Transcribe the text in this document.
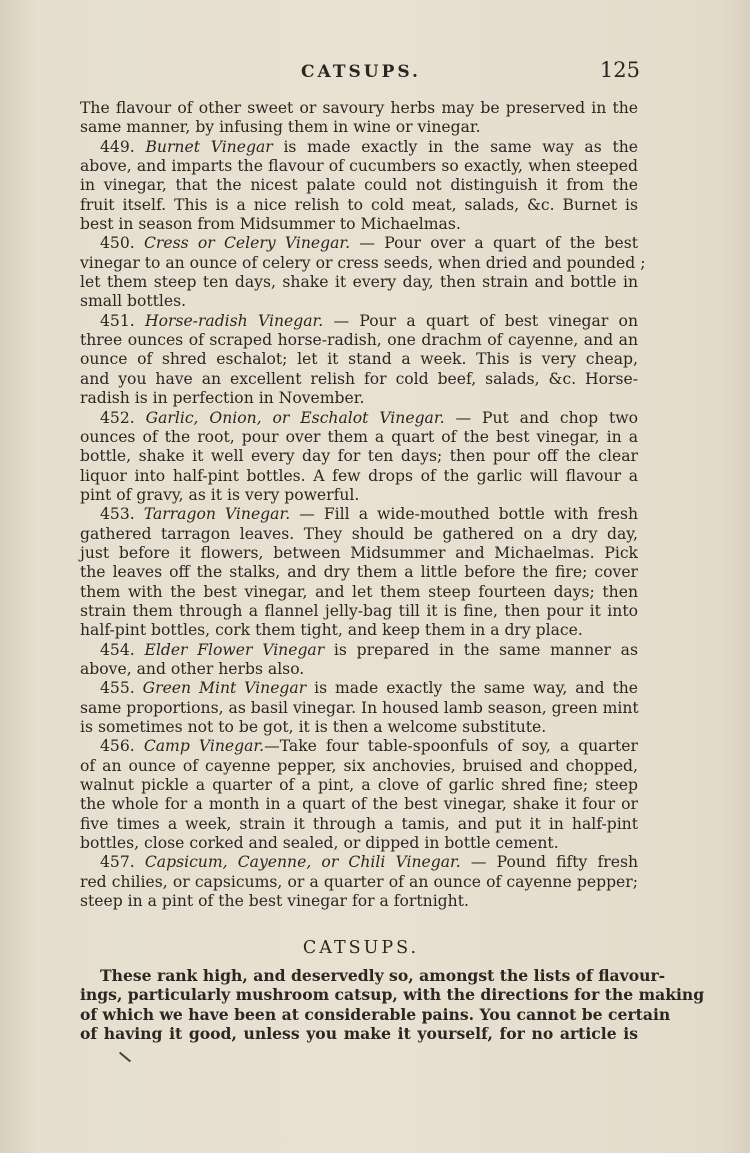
CATSUPS.	125
The flavour of other sweet or savoury herbs may be preserved in the
same manner, by infusing them in wine or vinegar.
449. Burnet Vinegar is made exactly in the same way as the
above, and imparts the flavour of cucumbers so exactly, when steeped
in vinegar, that the nicest palate could not distinguish it from the
fruit itself. This is a nice relish to cold meat, salads, &c. Burnet is
best in season from Midsummer to Michaelmas.
450. Cress or Celery Vinegar. — Pour over a quart of the best
vinegar to an ounce of celery or cress seeds, when dried and pounded ;
let them steep ten days, shake it every day, then strain and bottle in
small bottles.
451. Horse-radish Vinegar. — Pour a quart of best vinegar on
three ounces of scraped horse-radish, one drachm of cayenne, and an
ounce of shred eschalot; let it stand a week. This is very cheap,
and you have an excellent relish for cold beef, salads, &c. Horse-
radish is in perfection in November.
452. Garlic, Onion, or Eschalot Vinegar. — Put and chop two
ounces of the root, pour over them a quart of the best vinegar, in a
bottle, shake it well every day for ten days; then pour off the clear
liquor into half-pint bottles. A few drops of the garlic will flavour a
pint of gravy, as it is very powerful.
453. Tarragon Vinegar. — Fill a wide-mouthed bottle with fresh
gathered tarragon leaves. They should be gathered on a dry day,
just before it flowers, between Midsummer and Michaelmas. Pick
the leaves off the stalks, and dry them a little before the fire; cover
them with the best vinegar, and let them steep fourteen days; then
strain them through a flannel jelly-bag till it is fine, then pour it into
half-pint bottles, cork them tight, and keep them in a dry place.
454. Elder Flower Vinegar is prepared in the same manner as
above, and other herbs also.
455. Green Mint Vinegar is made exactly the same way, and the
same proportions, as basil vinegar. In housed lamb season, green mint
is sometimes not to be got, it is then a welcome substitute.
456. Camp Vinegar.—Take four table-spoonfuls of soy, a quarter
of an ounce of cayenne pepper, six anchovies, bruised and chopped,
walnut pickle a quarter of a pint, a clove of garlic shred fine; steep
the whole for a month in a quart of the best vinegar, shake it four or
five times a week, strain it through a tamis, and put it in half-pint
bottles, close corked and sealed, or dipped in bottle cement.
457. Capsicum, Cayenne, or Chili Vinegar. — Pound fifty fresh
red chilies, or capsicums, or a quarter of an ounce of cayenne pepper;
steep in a pint of the best vinegar for a fortnight.
CATSUPS.
These rank high, and deservedly so, amongst the lists of flavour-
ings, particularly mushroom catsup, with the directions for the making
of which we have been at considerable pains. You cannot be certain
of having it good, unless you make it yourself, for no article is
